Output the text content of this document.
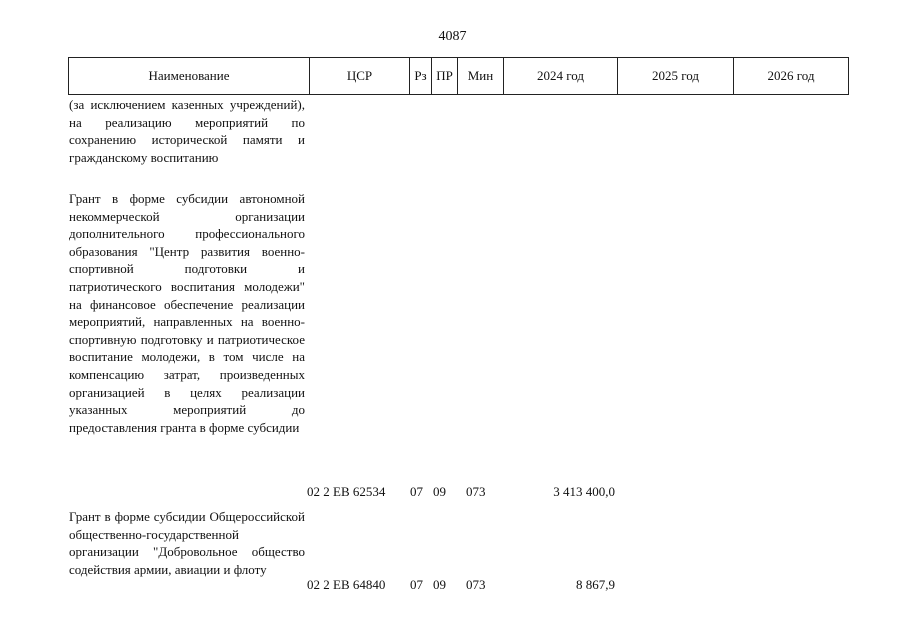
4087
Наименование	ЦСР	Рз ПР	Мин	2024 год	2025 год	2026 год
(за исключением казенных учреждений), на реализацию мероприятий по сохранению исторической памяти и гражданскому воспитанию
Грант в форме субсидии автономной некоммерческой организации дополнительного профессионального образования "Центр развития военно-спортивной подготовки и патриотического воспитания молодежи" на финансовое обеспечение реализации мероприятий, направленных на военно-спортивную подготовку и патриотическое воспитание молодежи, в том числе на компенсацию затрат, произведенных организацией в целях реализации указанных мероприятий до предоставления гранта в форме субсидии
02 2 ЕВ 62534 07 09 073	3 413 400,0
Грант в форме субсидии Общероссийской общественно-государственной организации "Добровольное общество содействия армии, авиации и флоту
02 2 ЕВ 64840 07 09 073	8 867,9
